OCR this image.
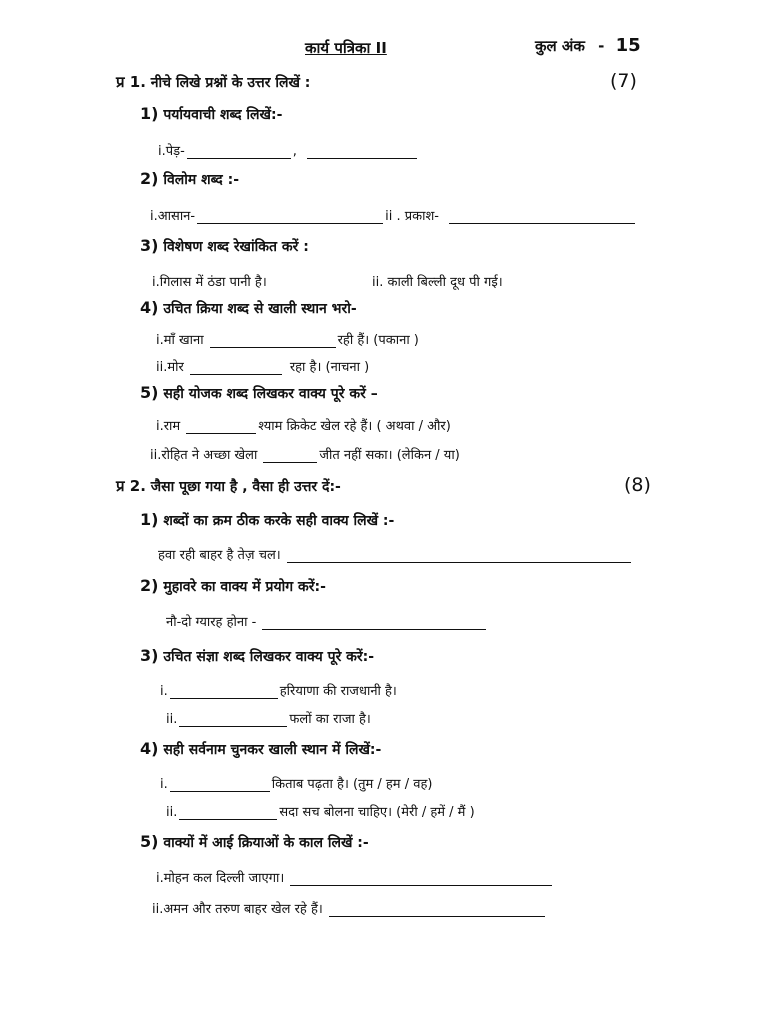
कार्य पत्रिका II	कुल अंक - 15
प्र 1. नीचे लिखे प्रश्नों के उत्तर लिखें :	(7)
1) पर्यायवाची शब्द लिखें:-
i.पेड़-	,
2) विलोम शब्द :-
i.आसान-	ii . प्रकाश-
3) विशेषण शब्द रेखांकित करें :
i.गिलास में ठंडा पानी है।	ii. काली बिल्ली दूध पी गई।
4) उचित क्रिया शब्द से खाली स्थान भरो-
i.माँ खाना	रही हैं। (पकाना )
ii.मोर	रहा है। (नाचना )
5) सही योजक शब्द लिखकर वाक्य पूरे करें –
i.राम	श्याम क्रिकेट खेल रहे हैं। ( अथवा / और)
ii.रोहित ने अच्छा खेला	जीत नहीं सका। (लेकिन / या)
प्र 2. जैसा पूछा गया है , वैसा ही उत्तर दें:-	(8)
1) शब्दों का क्रम ठीक करके सही वाक्य लिखें :-
हवा रही बाहर है तेज़ चल।
2) मुहावरे का वाक्य में प्रयोग करें:-
नौ-दो ग्यारह होना -
3) उचित संज्ञा शब्द लिखकर वाक्य पूरे करें:-
i.	हरियाणा की राजधानी है।
ii.	फलों का राजा है।
4) सही सर्वनाम चुनकर खाली स्थान में लिखें:-
i.	किताब पढ़ता है। (तुम / हम / वह)
ii.	सदा सच बोलना चाहिए। (मेरी / हमें / मैं )
5) वाक्यों में आई क्रियाओं के काल लिखें :-
i.मोहन कल दिल्ली जाएगा।
ii.अमन और तरुण बाहर खेल रहे हैं।
